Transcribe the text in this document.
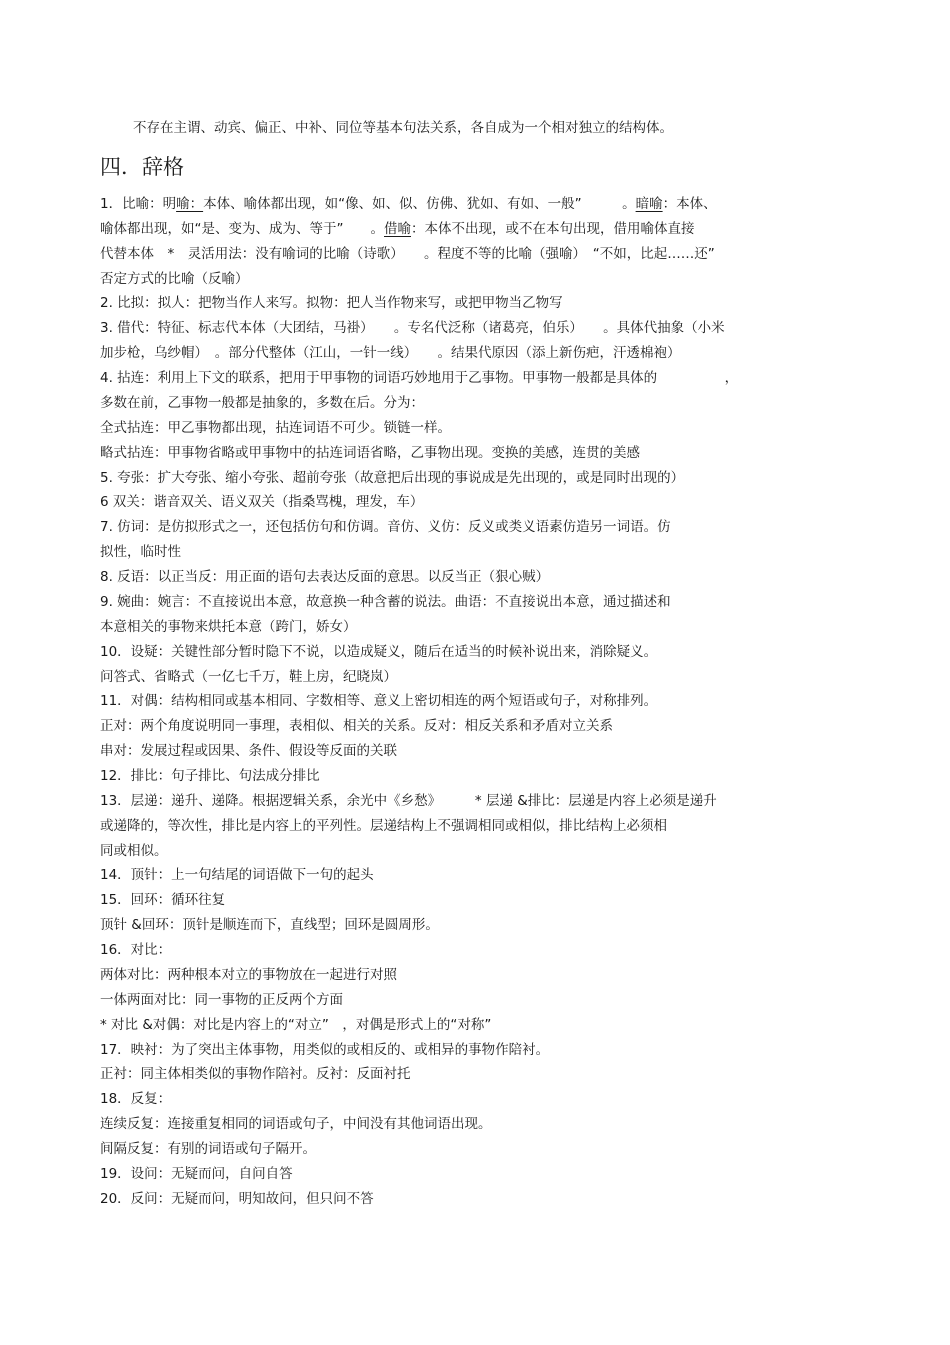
不存在主谓、动宾、偏正、中补、同位等基本句法关系，各自成为一个相对独立的结构体。
四．辞格
1．比喻：明喻：本体、喻体都出现，如“像、如、似、仿佛、犹如、有如、一般”　　　。暗喻：本体、
喻体都出现，如“是、变为、成为、等于”　　。借喻：本体不出现，或不在本句出现，借用喻体直接
代替本体　*　灵活用法：没有喻词的比喻（诗歌）　　。程度不等的比喻（强喻）　“不如，比起……还”
否定方式的比喻（反喻）
2. 比拟：拟人：把物当作人来写。拟物：把人当作物来写，或把甲物当乙物写
3. 借代：特征、标志代本体（大团结，马褂）　　。专名代泛称（诸葛亮，伯乐）　　。具体代抽象（小米
加步枪，乌纱帽）　。部分代整体（江山，一针一线）　　。结果代原因（添上新伤疤，汗透棉袍）
4. 拈连：利用上下文的联系，把用于甲事物的词语巧妙地用于乙事物。甲事物一般都是具体的　　　　　，
多数在前，乙事物一般都是抽象的，多数在后。分为：
全式拈连：甲乙事物都出现，拈连词语不可少。锁链一样。
略式拈连：甲事物省略或甲事物中的拈连词语省略，乙事物出现。变换的美感，连贯的美感
5. 夸张：扩大夸张、缩小夸张、超前夸张（故意把后出现的事说成是先出现的，或是同时出现的）
6 双关：谐音双关、语义双关（指桑骂槐，理发，车）
7. 仿词：是仿拟形式之一，还包括仿句和仿调。音仿、义仿：反义或类义语素仿造另一词语。仿
拟性，临时性
8. 反语：以正当反：用正面的语句去表达反面的意思。以反当正（狠心贼）
9. 婉曲：婉言：不直接说出本意，故意换一种含蓄的说法。曲语：不直接说出本意，通过描述和
本意相关的事物来烘托本意（跨门，娇女）
10．设疑：关键性部分暂时隐下不说，以造成疑义，随后在适当的时候补说出来，消除疑义。
问答式、省略式（一亿七千万，鞋上房，纪晓岚）
11．对偶：结构相同或基本相同、字数相等、意义上密切相连的两个短语或句子，对称排列。
正对：两个角度说明同一事理，表相似、相关的关系。反对：相反关系和矛盾对立关系
串对：发展过程或因果、条件、假设等反面的关联
12．排比：句子排比、句法成分排比
13．层递：递升、递降。根据逻辑关系，余光中《乡愁》　　　* 层递 &排比：层递是内容上必须是递升
或递降的，等次性，排比是内容上的平列性。层递结构上不强调相同或相似，排比结构上必须相
同或相似。
14．顶针：上一句结尾的词语做下一句的起头
15．回环：循环往复
顶针 &回环：顶针是顺连而下，直线型；回环是圆周形。
16．对比：
两体对比：两种根本对立的事物放在一起进行对照
一体两面对比：同一事物的正反两个方面
* 对比 &对偶：对比是内容上的“对立”　，对偶是形式上的“对称”
17．映衬：为了突出主体事物，用类似的或相反的、或相异的事物作陪衬。
正衬：同主体相类似的事物作陪衬。反衬：反面衬托
18．反复：
连续反复：连接重复相同的词语或句子，中间没有其他词语出现。
间隔反复：有别的词语或句子隔开。
19．设问：无疑而问，自问自答
20．反问：无疑而问，明知故问，但只问不答
